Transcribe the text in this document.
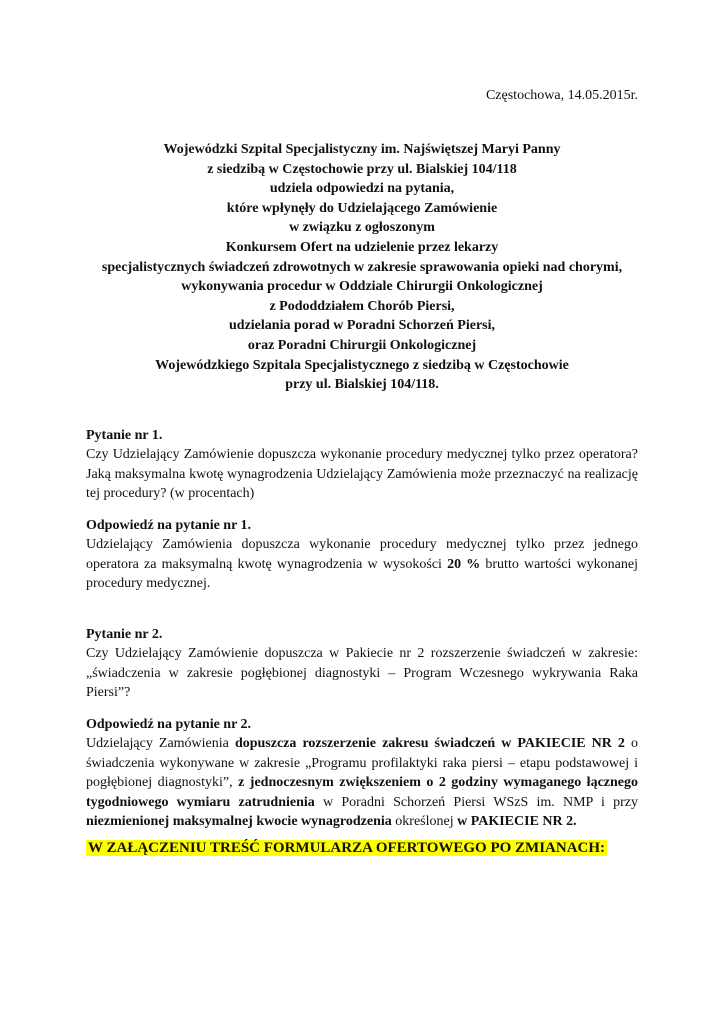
Częstochowa, 14.05.2015r.
Wojewódzki Szpital Specjalistyczny im. Najświętszej Maryi Panny
z siedzibą w Częstochowie przy ul. Bialskiej 104/118
udziela odpowiedzi na pytania,
które wpłynęły do Udzielającego Zamówienie
w związku z ogłoszonym
Konkursem Ofert na udzielenie przez lekarzy
specjalistycznych świadczeń zdrowotnych w zakresie sprawowania opieki nad chorymi,
wykonywania procedur w Oddziale Chirurgii Onkologicznej
z Pododdziałem Chorób Piersi,
udzielania porad w Poradni Schorzeń Piersi,
oraz Poradni Chirurgii Onkologicznej
Wojewódzkiego Szpitala Specjalistycznego z siedzibą w Częstochowie
przy ul. Bialskiej 104/118.
Pytanie nr 1.
Czy Udzielający Zamówienie dopuszcza wykonanie procedury medycznej tylko przez operatora? Jaką maksymalna kwotę wynagrodzenia Udzielający Zamówienia może przeznaczyć na realizację tej procedury? (w procentach)
Odpowiedź na pytanie nr 1.
Udzielający Zamówienia dopuszcza wykonanie procedury medycznej tylko przez jednego operatora za maksymalną kwotę wynagrodzenia w wysokości 20 % brutto wartości wykonanej procedury medycznej.
Pytanie nr 2.
Czy Udzielający Zamówienie dopuszcza w Pakiecie nr 2 rozszerzenie świadczeń w zakresie: „świadczenia w zakresie pogłębionej diagnostyki – Program Wczesnego wykrywania Raka Piersi”?
Odpowiedź na pytanie nr 2.
Udzielający Zamówienia dopuszcza rozszerzenie zakresu świadczeń w PAKIECIE NR 2 o świadczenia wykonywane w zakresie „Programu profilaktyki raka piersi – etapu podstawowej i pogłębionej diagnostyki”, z jednoczesnym zwiększeniem o 2 godziny wymaganego łącznego tygodniowego wymiaru zatrudnienia w Poradni Schorzeń Piersi WSzS im. NMP i przy niezmienionej maksymalnej kwocie wynagrodzenia określonej w PAKIECIE NR 2.
W ZAŁĄCZENIU TREŚĆ FORMULARZA OFERTOWEGO PO ZMIANACH:
